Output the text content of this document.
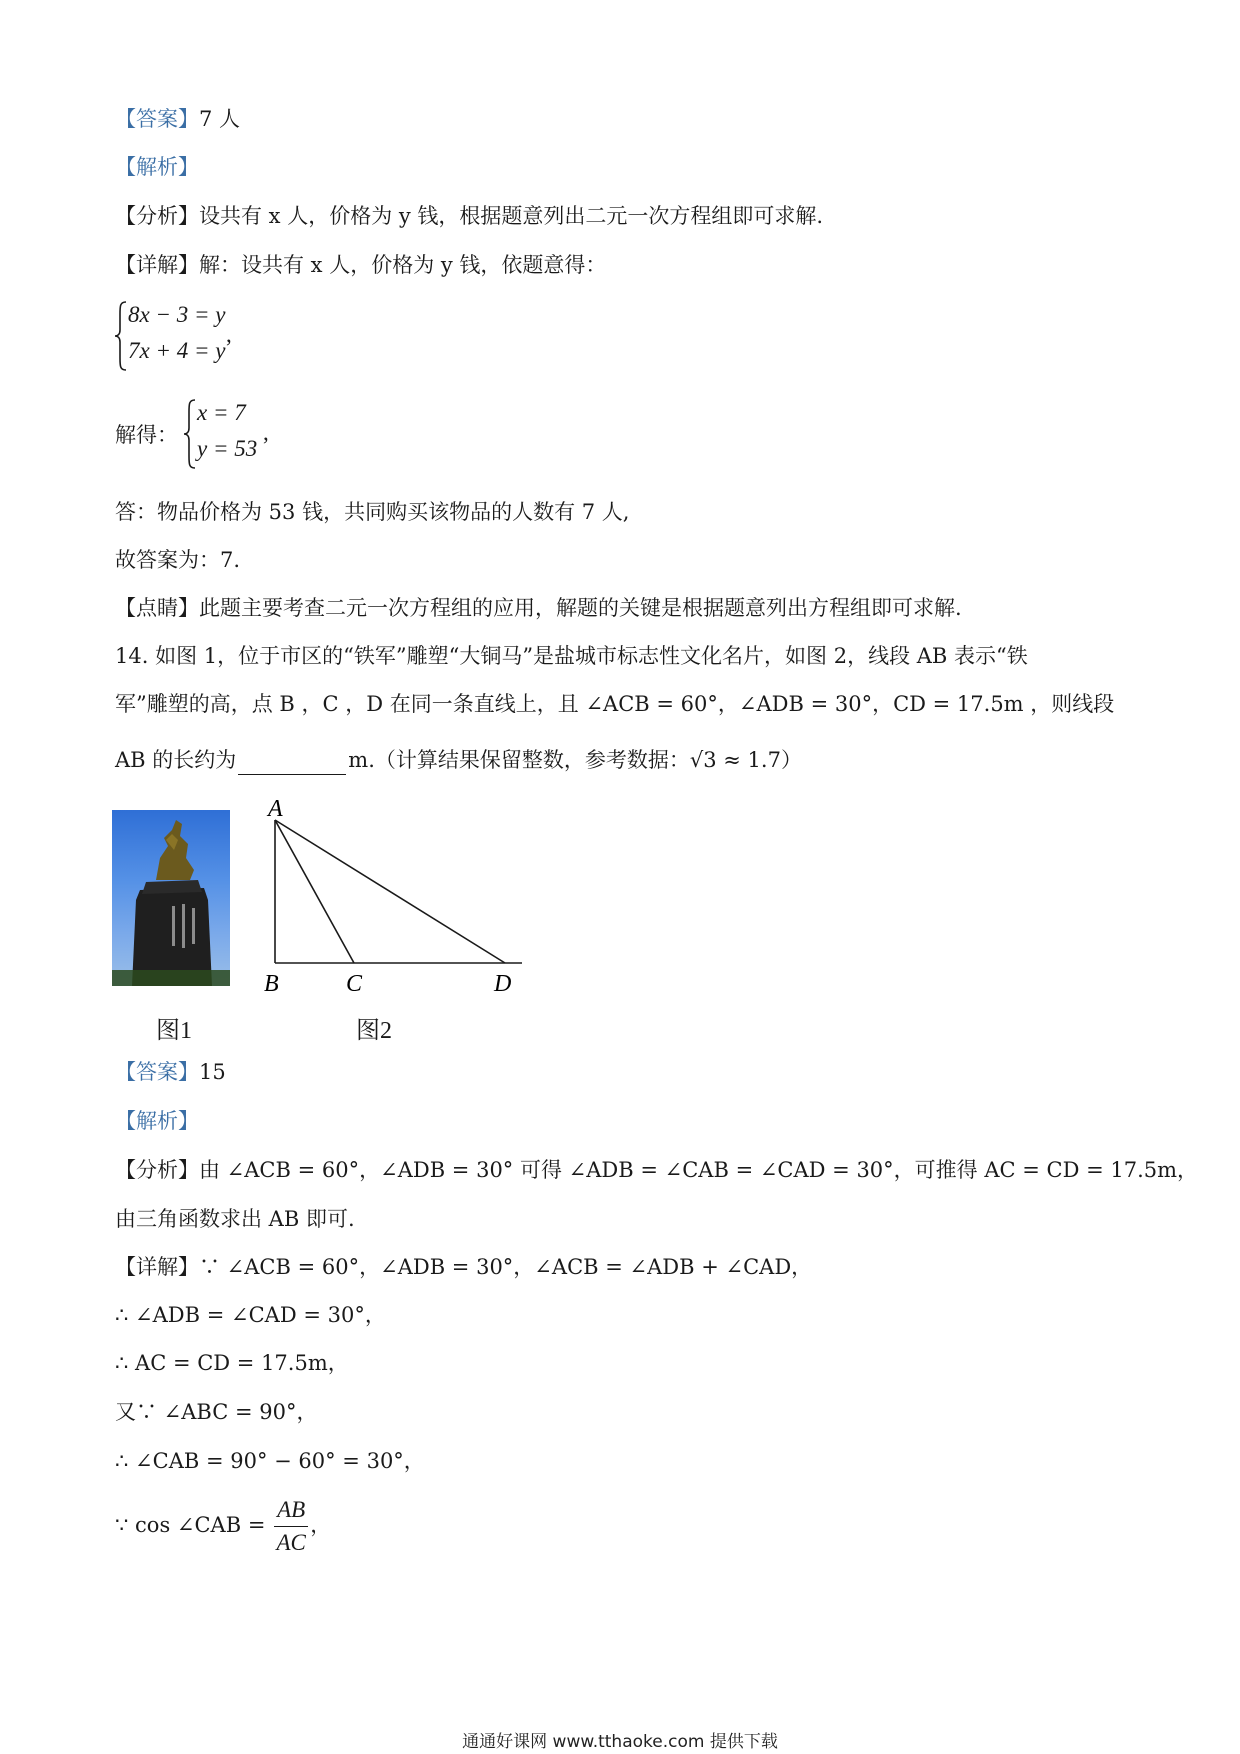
【答案】7 人
【解析】
【分析】设共有 x 人，价格为 y 钱，根据题意列出二元一次方程组即可求解.
【详解】解：设共有 x 人，价格为 y 钱，依题意得：
8x − 3 = y
7x + 4 = y
,
解得：
x = 7
y = 53
,
答：物品价格为 53 钱，共同购买该物品的人数有 7 人,
故答案为：7.
【点睛】此题主要考查二元一次方程组的应用，解题的关键是根据题意列出方程组即可求解.
14. 如图 1，位于市区的“铁军”雕塑“大铜马”是盐城市标志性文化名片，如图 2，线段 AB 表示“铁
军”雕塑的高，点 B ，C ，D 在同一条直线上，且 ∠ACB = 60°，∠ADB = 30°，CD = 17.5m ，则线段
AB 的长约为	m.（计算结果保留整数，参考数据：√3 ≈ 1.7）
图1
A
B	C	D
图2
【答案】15
【解析】
【分析】由 ∠ACB = 60°，∠ADB = 30° 可得 ∠ADB = ∠CAB = ∠CAD = 30°，可推得 AC = CD = 17.5m，
由三角函数求出 AB 即可.
【详解】∵ ∠ACB = 60°，∠ADB = 30°，∠ACB = ∠ADB + ∠CAD，
∴ ∠ADB = ∠CAD = 30°，
∴ AC = CD = 17.5m，
又∵ ∠ABC = 90°，
∴ ∠CAB = 90° − 60° = 30°，
∵ cos ∠CAB = $\frac{AB}{AC}$ ，
通通好课网 www.tthaoke.com 提供下载
